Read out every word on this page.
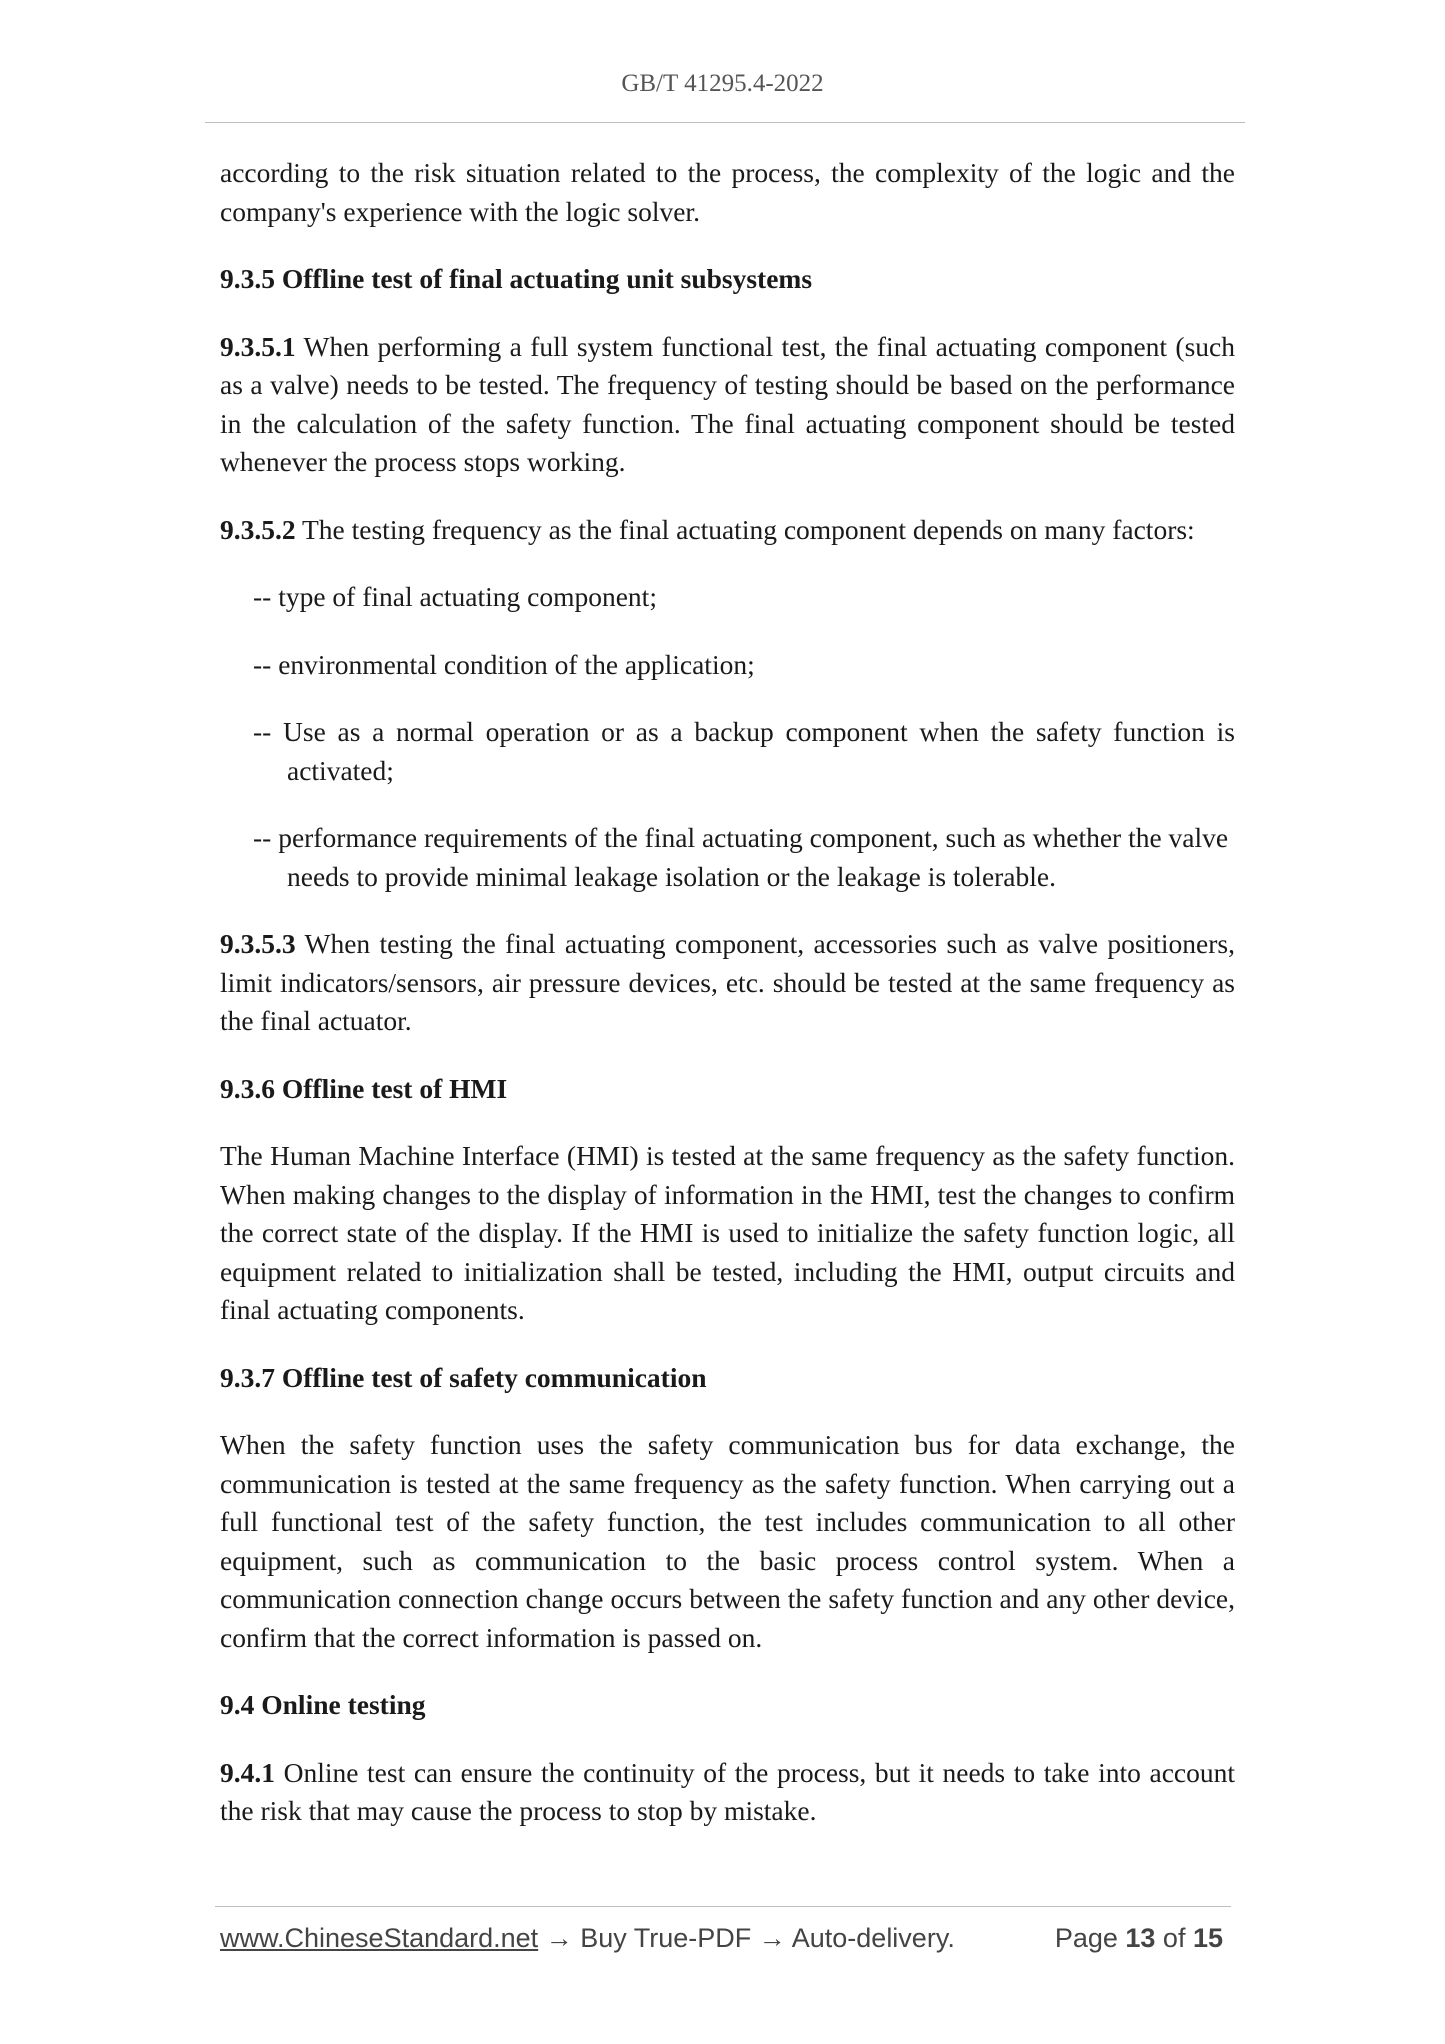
GB/T 41295.4-2022

according to the risk situation related to the process, the complexity of the logic and the company's experience with the logic solver.

9.3.5 Offline test of final actuating unit subsystems

9.3.5.1 When performing a full system functional test, the final actuating component (such as a valve) needs to be tested. The frequency of testing should be based on the performance in the calculation of the safety function. The final actuating component should be tested whenever the process stops working.

9.3.5.2 The testing frequency as the final actuating component depends on many factors:

-- type of final actuating component;
-- environmental condition of the application;
-- Use as a normal operation or as a backup component when the safety function is activated;
-- performance requirements of the final actuating component, such as whether the valve needs to provide minimal leakage isolation or the leakage is tolerable.

9.3.5.3 When testing the final actuating component, accessories such as valve positioners, limit indicators/sensors, air pressure devices, etc. should be tested at the same frequency as the final actuator.

9.3.6 Offline test of HMI

The Human Machine Interface (HMI) is tested at the same frequency as the safety function. When making changes to the display of information in the HMI, test the changes to confirm the correct state of the display. If the HMI is used to initialize the safety function logic, all equipment related to initialization shall be tested, including the HMI, output circuits and final actuating components.

9.3.7 Offline test of safety communication

When the safety function uses the safety communication bus for data exchange, the communication is tested at the same frequency as the safety function. When carrying out a full functional test of the safety function, the test includes communication to all other equipment, such as communication to the basic process control system. When a communication connection change occurs between the safety function and any other device, confirm that the correct information is passed on.

9.4 Online testing

9.4.1 Online test can ensure the continuity of the process, but it needs to take into account the risk that may cause the process to stop by mistake.

www.ChineseStandard.net → Buy True-PDF → Auto-delivery.	Page 13 of 15
